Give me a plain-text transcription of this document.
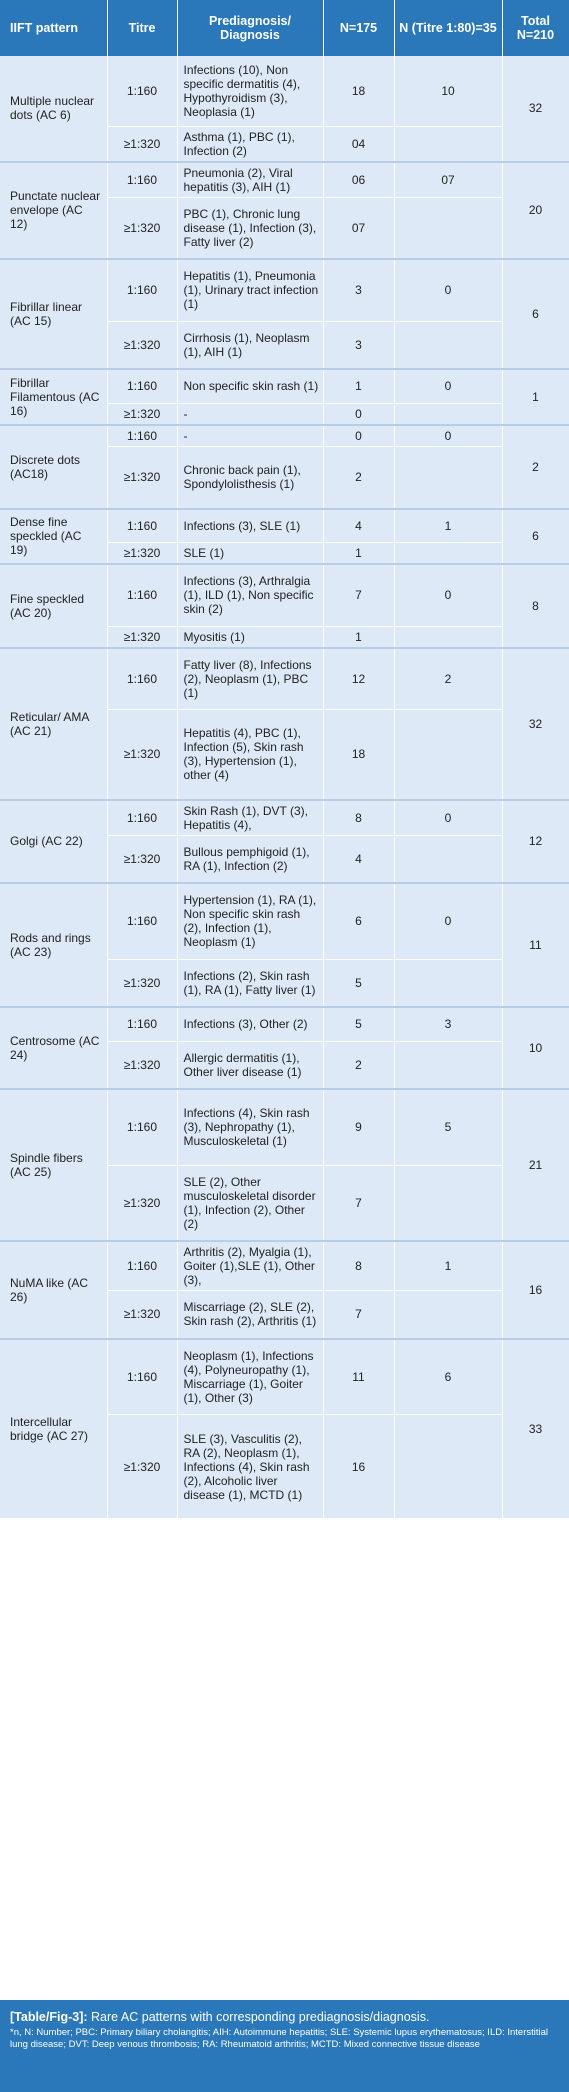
IIFT pattern	Titre	Prediagnosis/ Diagnosis	N=175	N (Titre 1:80)=35	Total N=210
Multiple nuclear dots (AC 6)	1:160	Infections (10), Non specific dermatitis (4), Hypothyroidism (3), Neoplasia (1)	18	10	32
	≥1:320	Asthma (1), PBC (1), Infection (2)	04		
Punctate nuclear envelope (AC 12)	1:160	Pneumonia (2), Viral hepatitis (3), AIH (1)	06	07	20
	≥1:320	PBC (1), Chronic lung disease (1), Infection (3), Fatty liver (2)	07		
Fibrillar linear (AC 15)	1:160	Hepatitis (1), Pneumonia (1), Urinary tract infection (1)	3	0	6
	≥1:320	Cirrhosis (1), Neoplasm (1), AIH (1)	3		
Fibrillar Filamentous (AC 16)	1:160	Non specific skin rash (1)	1	0	1
	≥1:320	-	0		
Discrete dots (AC18)	1:160	-	0	0	2
	≥1:320	Chronic back pain (1), Spondylolisthesis (1)	2		
Dense fine speckled (AC 19)	1:160	Infections (3), SLE (1)	4	1	6
	≥1:320	SLE (1)	1		
Fine speckled (AC 20)	1:160	Infections (3), Arthralgia (1), ILD (1), Non specific skin (2)	7	0	8
	≥1:320	Myositis (1)	1		
Reticular/ AMA (AC 21)	1:160	Fatty liver (8), Infections (2), Neoplasm (1), PBC (1)	12	2	32
	≥1:320	Hepatitis (4), PBC (1), Infection (5), Skin rash (3), Hypertension (1), other (4)	18		
Golgi (AC 22)	1:160	Skin Rash (1), DVT (3), Hepatitis (4),	8	0	12
	≥1:320	Bullous pemphigoid (1), RA (1), Infection (2)	4		
Rods and rings (AC 23)	1:160	Hypertension (1), RA (1), Non specific skin rash (2), Infection (1), Neoplasm (1)	6	0	11
	≥1:320	Infections (2), Skin rash (1), RA (1), Fatty liver (1)	5		
Centrosome (AC 24)	1:160	Infections (3), Other (2)	5	3	10
	≥1:320	Allergic dermatitis (1), Other liver disease (1)	2		
Spindle fibers (AC 25)	1:160	Infections (4), Skin rash (3), Nephropathy (1), Musculoskeletal (1)	9	5	21
	≥1:320	SLE (2), Other musculoskeletal disorder (1), Infection (2), Other (2)	7		
NuMA like (AC 26)	1:160	Arthritis (2), Myalgia (1), Goiter (1),SLE (1), Other (3),	8	1	16
	≥1:320	Miscarriage (2), SLE (2), Skin rash (2), Arthritis (1)	7		
Intercellular bridge (AC 27)	1:160	Neoplasm (1), Infections (4), Polyneuropathy (1), Miscarriage (1), Goiter (1), Other (3)	11	6	33
	≥1:320	SLE (3), Vasculitis (2), RA (2), Neoplasm (1), Infections (4), Skin rash (2), Alcoholic liver disease (1), MCTD (1)	16		
[Table/Fig-3]: Rare AC patterns with corresponding prediagnosis/diagnosis.
*n, N: Number; PBC: Primary biliary cholangitis; AIH: Autoimmune hepatitis; SLE: Systemic lupus erythematosus; ILD: Interstitial lung disease; DVT: Deep venous thrombosis; RA: Rheumatoid arthritis; MCTD: Mixed connective tissue disease
